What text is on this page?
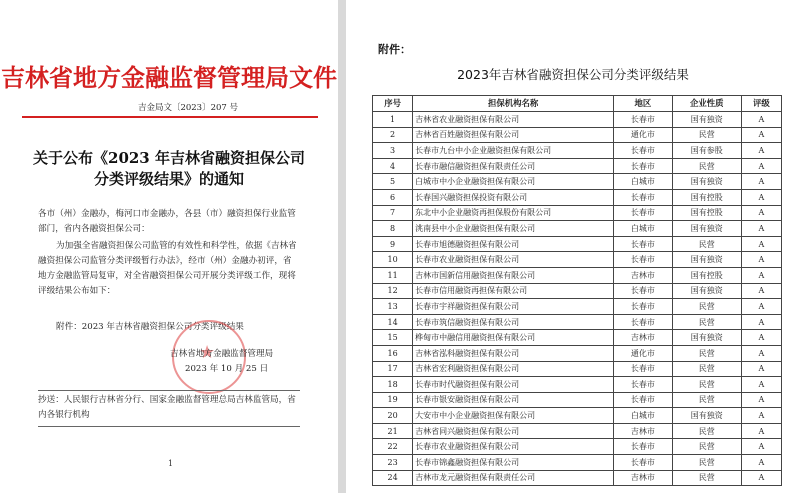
吉林省地方金融监督管理局文件
吉金局文〔2023〕207 号
关于公布《2023 年吉林省融资担保公司
分类评级结果》的通知
各市（州）金融办，梅河口市金融办，各县（市）融资担保行业监管部门，省内各融资担保公司：
为加强全省融资担保公司监管的有效性和科学性，依据《吉林省融资担保公司监管分类评级暂行办法》，经市（州）金融办初评，省地方金融监管局复审，对全省融资担保公司开展分类评级工作，现将评级结果公布如下：
附件：2023 年吉林省融资担保公司分类评级结果
★
吉林省地方金融监督管理局
2023 年 10 月 25 日
抄送：人民银行吉林省分行、国家金融监督管理总局吉林监管局，省内各银行机构
1
附件：
2023年吉林省融资担保公司分类评级结果
序号	担保机构名称	地区	企业性质	评级
1	吉林省农业融资担保有限公司	长春市	国有独资	A
2	吉林省百姓融资担保有限公司	通化市	民营	A
3	长春市九台中小企业融资担保有限公司	长春市	国有参股	A
4	长春市融信融资担保有限责任公司	长春市	民营	A
5	白城市中小企业融资担保有限公司	白城市	国有独资	A
6	长春国兴融资担保投资有限公司	长春市	国有控股	A
7	东北中小企业融资再担保股份有限公司	长春市	国有控股	A
8	洮南县中小企业融资担保有限公司	白城市	国有独资	A
9	长春市旭德融资担保有限公司	长春市	民营	A
10	长春市农业融资担保有限公司	长春市	国有独资	A
11	吉林市国新信用融资担保有限公司	吉林市	国有控股	A
12	长春市信用融资再担保有限公司	长春市	国有独资	A
13	长春市宇祥融资担保有限公司	长春市	民营	A
14	长春市筑信融资担保有限公司	长春市	民营	A
15	桦甸市中融信用融资担保有限公司	吉林市	国有独资	A
16	吉林省泓科融资担保有限公司	通化市	民营	A
17	吉林省宏利融资担保有限公司	长春市	民营	A
18	长春市时代融资担保有限公司	长春市	民营	A
19	长春市银安融资担保有限公司	长春市	民营	A
20	大安市中小企业融资担保有限公司	白城市	国有独资	A
21	吉林省同兴融资担保有限公司	吉林市	民营	A
22	长春市农业融资担保有限公司	长春市	民营	A
23	长春市锦鑫融资担保有限公司	长春市	民营	A
24	吉林市龙元融资担保有限责任公司	吉林市	民营	A
